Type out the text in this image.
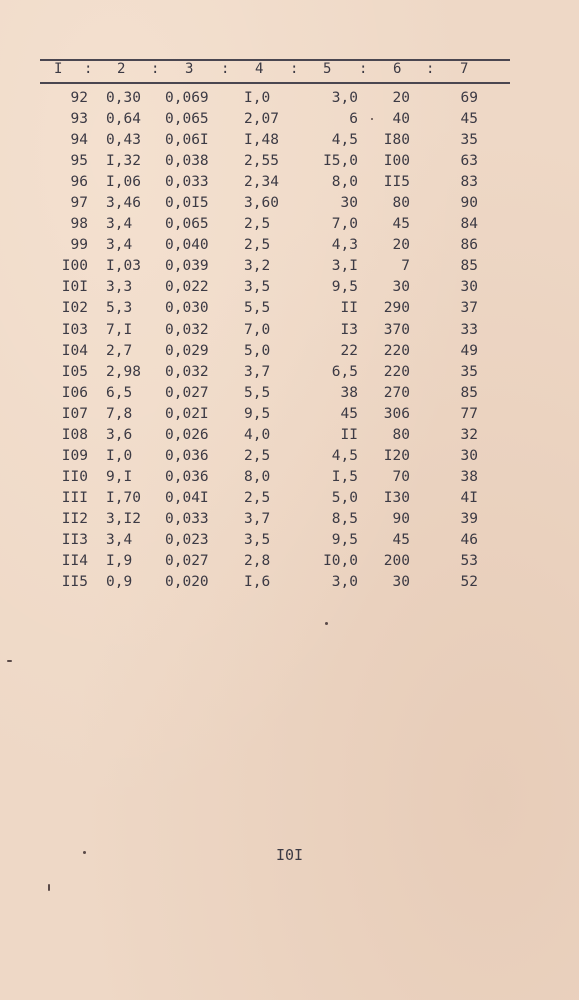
I : 2 : 3 : 4 : 5 : 6 : 7
92 0,30 0,069 I,0	3,0	20	69
93 0,64 0,065 2,07	6	40	45
94 0,43 0,06I I,48	4,5	I80	35
95 I,32 0,038 2,55	I5,0	I00	63
96 I,06 0,033 2,34	8,0	II5	83
97 3,46 0,0I5 3,60	30	80	90
98 3,4 0,065 2,5	7,0	45	84
99 3,4 0,040 2,5	4,3	20	86
I00 I,03 0,039 3,2	3,I	7	85
I0I 3,3 0,022 3,5	9,5	30	30
I02 5,3 0,030 5,5	II	290	37
I03 7,I 0,032 7,0	I3	370	33
I04 2,7 0,029 5,0	22	220	49
I05 2,98 0,032 3,7	6,5	220	35
I06 6,5 0,027 5,5	38	270	85
I07 7,8 0,02I 9,5	45	306	77
I08 3,6 0,026 4,0	II	80	32
I09 I,0 0,036 2,5	4,5	I20	30
II0 9,I 0,036 8,0	I,5	70	38
III I,70 0,04I 2,5	5,0	I30	4I
II2 3,I2 0,033 3,7	8,5	90	39
II3 3,4 0,023 3,5	9,5	45	46
II4 I,9 0,027 2,8	I0,0	200	53
II5 0,9 0,020 I,6	3,0	30	52
I0I
